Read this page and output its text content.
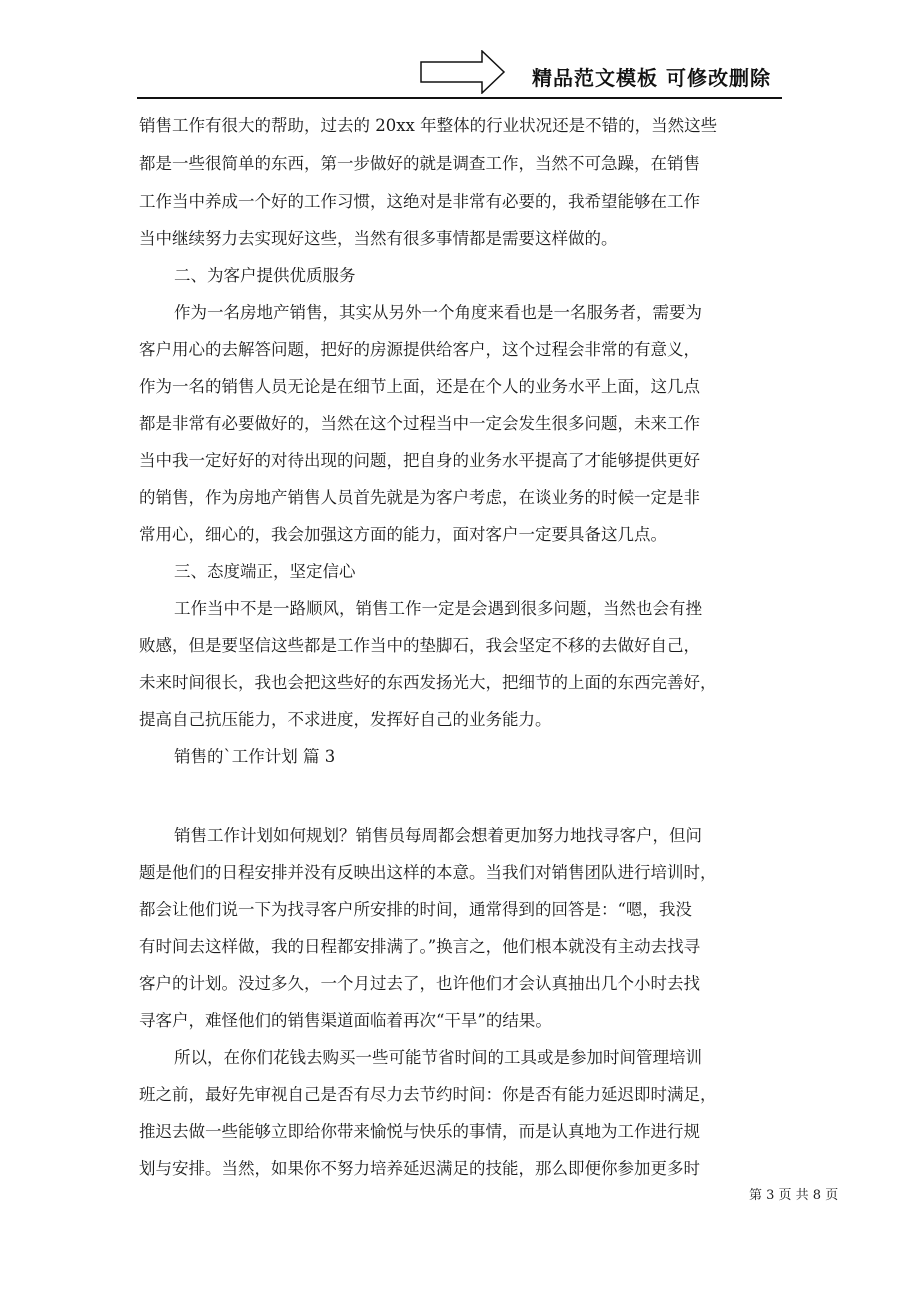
精品范文模板 可修改删除
销售工作有很大的帮助，过去的 20xx 年整体的行业状况还是不错的，当然这些
都是一些很简单的东西，第一步做好的就是调查工作，当然不可急躁，在销售
工作当中养成一个好的工作习惯，这绝对是非常有必要的，我希望能够在工作
当中继续努力去实现好这些，当然有很多事情都是需要这样做的。
二、为客户提供优质服务
作为一名房地产销售，其实从另外一个角度来看也是一名服务者，需要为
客户用心的去解答问题，把好的房源提供给客户，这个过程会非常的有意义，
作为一名的销售人员无论是在细节上面，还是在个人的业务水平上面，这几点
都是非常有必要做好的，当然在这个过程当中一定会发生很多问题，未来工作
当中我一定好好的对待出现的问题，把自身的业务水平提高了才能够提供更好
的销售，作为房地产销售人员首先就是为客户考虑，在谈业务的时候一定是非
常用心，细心的，我会加强这方面的能力，面对客户一定要具备这几点。
三、态度端正，坚定信心
工作当中不是一路顺风，销售工作一定是会遇到很多问题，当然也会有挫
败感，但是要坚信这些都是工作当中的垫脚石，我会坚定不移的去做好自己，
未来时间很长，我也会把这些好的东西发扬光大，把细节的上面的东西完善好，
提高自己抗压能力，不求进度，发挥好自己的业务能力。
销售的`工作计划 篇 3
销售工作计划如何规划？销售员每周都会想着更加努力地找寻客户，但问
题是他们的日程安排并没有反映出这样的本意。当我们对销售团队进行培训时，
都会让他们说一下为找寻客户所安排的时间，通常得到的回答是：“嗯，我没
有时间去这样做，我的日程都安排满了。”换言之，他们根本就没有主动去找寻
客户的计划。没过多久，一个月过去了，也许他们才会认真抽出几个小时去找
寻客户，难怪他们的销售渠道面临着再次“干旱”的结果。
所以，在你们花钱去购买一些可能节省时间的工具或是参加时间管理培训
班之前，最好先审视自己是否有尽力去节约时间：你是否有能力延迟即时满足，
推迟去做一些能够立即给你带来愉悦与快乐的事情，而是认真地为工作进行规
划与安排。当然，如果你不努力培养延迟满足的技能，那么即便你参加更多时
第 3 页 共 8 页
